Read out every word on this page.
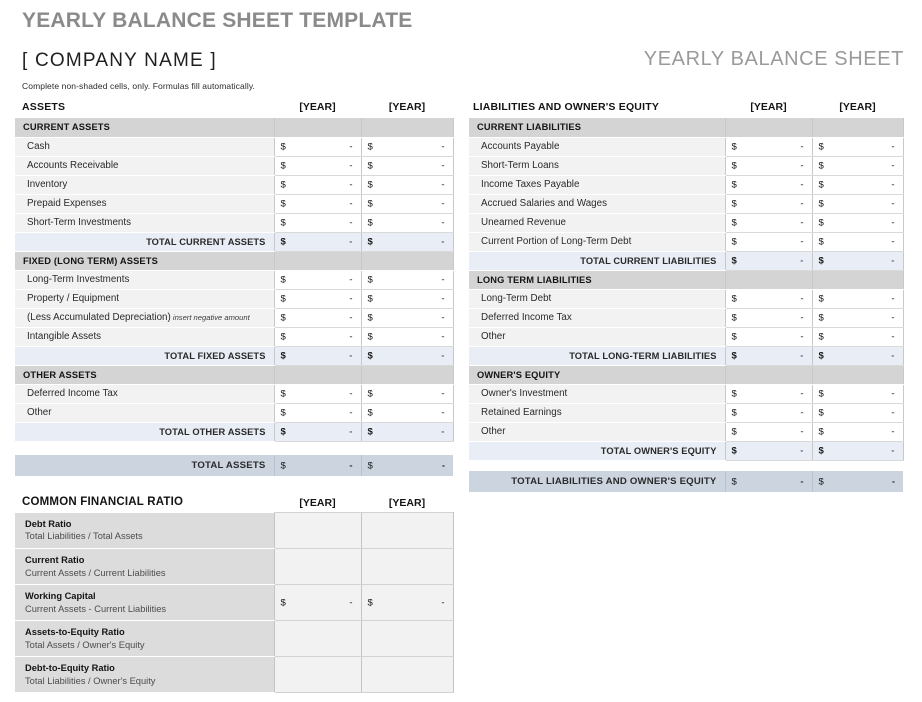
YEARLY BALANCE SHEET TEMPLATE
[ COMPANY NAME ]	YEARLY BALANCE SHEET
Complete non-shaded cells, only. Formulas fill automatically.
ASSETS	[YEAR]	[YEAR]	LIABILITIES AND OWNER'S EQUITY	[YEAR]	[YEAR]
CURRENT ASSETS		
Cash	$ -	$ -

Accounts Receivable	$ -	$ -

Inventory	$ -	$ -

Prepaid Expenses	$ -	$ -

Short-Term Investments	$ -	$ -

TOTAL CURRENT ASSETS	$ -	$ -

FIXED (LONG TERM) ASSETS		
Long-Term Investments	$ -	$ -

Property / Equipment	$ -	$ -

(Less Accumulated Depreciation) insert negative amount	$ -	$ -

Intangible Assets	$ -	$ -

TOTAL FIXED ASSETS	$ -	$ -

OTHER ASSETS		
Deferred Income Tax	$ -	$ -

Other	$ -	$ -

TOTAL OTHER ASSETS	$ -	$ -
TOTAL ASSETS	$	-	$	-
CURRENT LIABILITIES		
Accounts Payable	$ -	$ -

Short-Term Loans	$ -	$ -

Income Taxes Payable	$ -	$ -

Accrued Salaries and Wages	$ -	$ -

Unearned Revenue	$ -	$ -

Current Portion of Long-Term Debt	$ -	$ -

TOTAL CURRENT LIABILITIES	$ -	$ -

LONG TERM LIABILITIES		
Long-Term Debt	$ -	$ -

Deferred Income Tax	$ -	$ -

Other	$ -	$ -

TOTAL LONG-TERM LIABILITIES	$ -	$ -

OWNER'S EQUITY		
Owner's Investment	$ -	$ -

Retained Earnings	$ -	$ -

Other	$ -	$ -

TOTAL OWNER'S EQUITY	$ -	$ -
TOTAL LIABILITIES AND OWNER'S EQUITY	$	-	$	-
COMMON FINANCIAL RATIO	[YEAR]	[YEAR]
Debt Ratio
Total Liabilities / Total Assets		

Current Ratio
Current Assets / Current Liabilities		

Working Capital
Current Assets - Current Liabilities	$ -	$ -

Assets-to-Equity Ratio
Total Assets / Owner's Equity		

Debt-to-Equity Ratio
Total Liabilities / Owner's Equity		
